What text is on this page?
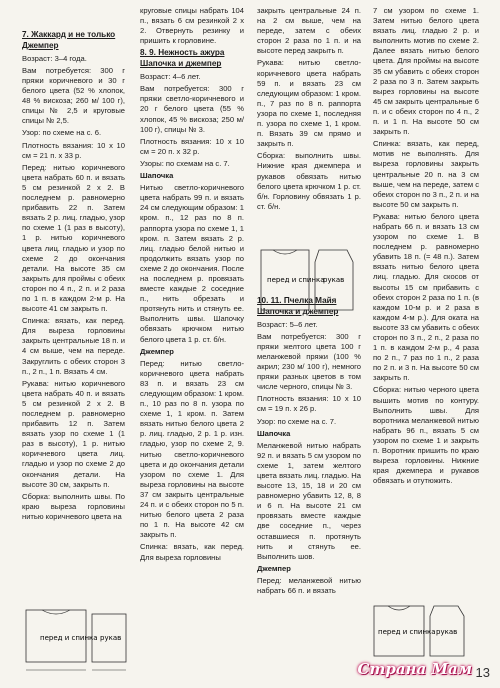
7. Жаккард и не только Джемпер

Возраст: 3–4 года.

Вам потребуется: 300 г пряжи коричневого и 30 г белого цвета (52 % хлопок, 48 % вискоза; 260 м/ 100 г), спицы № 2,5 и круговые спицы № 2,5.

Узор: по схеме на с. 6.

Плотность вязания: 10 х 10 см = 21 п. х 33 р.

Перед: нитью коричневого цвета набрать 60 п. и вязать 5 см резинкой 2 х 2. В последнем р. равномерно прибавить 22 п. Затем вязать 2 р. лиц. гладью, узор по схеме 1 (1 раз в высоту), 1 р. нитью коричневого цвета лиц. гладью и узор по схеме 2 до окончания детали. На высоте 35 см закрыть для проймы с обеих сторон по 4 п., 2 п. и 2 раза по 1 п. в каждом 2-м р. На высоте 41 см закрыть п.

Спинка: вязать, как перед. Для выреза горловины закрыть центральные 18 п. и 4 см выше, чем на переде. Закруглить с обеих сторон 3 п., 2 п., 1 п. Вязать 4 см.

Рукава: нитью коричневого цвета набрать 40 п. и вязать 5 см резинкой 2 х 2. В последнем р. равномерно прибавить 12 п. Затем вязать узор по схеме 1 (1 раз в высоту), 1 р. нитью коричневого цвета лиц. гладью и узор по схеме 2 до окончания детали. На высоте 30 см, закрыть п.

Сборка: выполнить швы. По краю выреза горловины нитью коричневого цвета на

перед и спинка рукав

круговые спицы набрать 104 п., вязать 6 см резинкой 2 х 2. Отвернуть резинку и пришить к горловине.

8. 9. Нежность ажура Шапочка и джемпер

Возраст: 4–6 лет.

Вам потребуется: 300 г пряжи светло-коричневого и 20 г белого цвета (55 % хлопок, 45 % вискоза; 250 м/ 100 г), спицы № 3.

Плотность вязания: 10 х 10 см = 20 п. х 32 р.

Узоры: по схемам на с. 7.

Шапочка

Нитью светло-коричневого цвета набрать 99 п. и вязать 24 см следующим образом: 1 кром. п., 12 раз по 8 п. раппорта узора по схеме 1, 1 кром. п. Затем вязать 2 р. лиц. гладью белой нитью и продолжить вязать узор по схеме 2 до окончания. После на последнем р. провязать вместе каждые 2 соседние п., нить обрезать и протянуть нить и стянуть ее. Выполнить швы. Шапочку обвязать крючком нитью белого цвета 1 р. ст. б/н.

Джемпер

Перед: нитью светло-коричневого цвета набрать 83 п. и вязать 23 см следующим образом: 1 кром. п., 10 раз по 8 п. узора по схеме 1, 1 кром. п. Затем вязать нитью белого цвета 2 р. лиц. гладью, 2 р. 1 р. изн. гладью, узор по схеме 2, 9. нитью светло-коричневого цвета и до окончания детали узором по схеме 1. Для выреза горловины на высоте 37 см закрыть центральные 24 п. и с обеих сторон по 5 п. нитью белого цвета 2 раза по 1 п. На высоте 42 см закрыть п.

Спинка: вязать, как перед. Для выреза горловины

закрыть центральные 24 п. на 2 см выше, чем на переде, затем с обеих сторон 2 раза по 1 п. и на высоте перед закрыть п.

Рукава: нитью светло-коричневого цвета набрать 59 п. и вязать 23 см следующим образом: 1 кром. п., 7 раз по 8 п. раппорта узора по схеме 1, последняя п. узора по схеме 1, 1 кром. п. Вязать 39 см прямо и закрыть п.

Сборка: выполнить швы. Нижние края джемпера и рукавов обвязать нитью белого цвета крючком 1 р. ст. б/н. Горловину обвязать 1 р. ст. б/н.

10. 11. Пчелка Майя Шапочка и джемпер

Возраст: 5–6 лет.

Вам потребуется: 300 г пряжи желтого цвета 100 г меланжевой пряжи (100 % акрил; 230 м/ 100 г), немного пряжи разных цветов в том числе черного, спицы № 3.

Плотность вязания: 10 х 10 см = 19 п. х 26 р.

Узор: по схеме на с. 7.

Шапочка

Меланжевой нитью набрать 92 п. и вязать 5 см узором по схеме 1, затем желтого цвета вязать лиц. гладью. На высоте 13, 15, 18 и 20 см равномерно убавить 12, 8, 8 и 6 п. На высоте 21 см провязать вместе каждые две соседние п., через оставшиеся п. протянуть нить и стянуть ее. Выполнить шов.

Джемпер

Перед: меланжевой нитью набрать 66 п. и вязать

перед и спинка
рукав

7 см узором по схеме 1. Затем нитью белого цвета вязать лиц. гладью 2 р. и выполнить мотив по схеме 2. Далее вязать нитью белого цвета. Для проймы на высоте 35 см убавить с обеих сторон 2 раза по 3 п. Затем закрыть вырез горловины на высоте 45 см закрыть центральные 6 п. и с обеих сторон по 4 п., 2 п. и 1 п. На высоте 50 см закрыть п.

Спинка: вязать, как перед, мотив не выполнять. Для выреза горловины закрыть центральные 20 п. на 3 см выше, чем на переде, затем с обеих сторон по 3 п., 2 п. и на высоте 50 см закрыть п.

Рукава: нитью белого цвета набрать 66 п. и вязать 13 см узором по схеме 1. В последнем р. равномерно убавить 18 п. (= 48 п.). Затем вязать нитью белого цвета лиц. гладью. Для скосов от высоты 15 см прибавить с обеих сторон 2 раза по 1 п. (в каждом 10-м р. и 2 раза в каждом 4-м р.). Для оката на высоте 33 см убавить с обеих сторон по 3 п., 2 п., 2 раза по 1 п. в каждом 2-м р., 4 раза по 2 п., 7 раз по 1 п., 2 раза по 2 п. и 3 п. На высоте 50 см закрыть п.

Сборка: нитью черного цвета вышить мотив по контуру. Выполнить швы. Для воротника меланжевой нитью набрать 96 п., вязать 5 см узором по схеме 1 и закрыть п. Воротник пришить по краю выреза горловины. Нижние края джемпера и рукавов обвязать и отутюжить.

перед и спинка рукав
Страна Мам 13
